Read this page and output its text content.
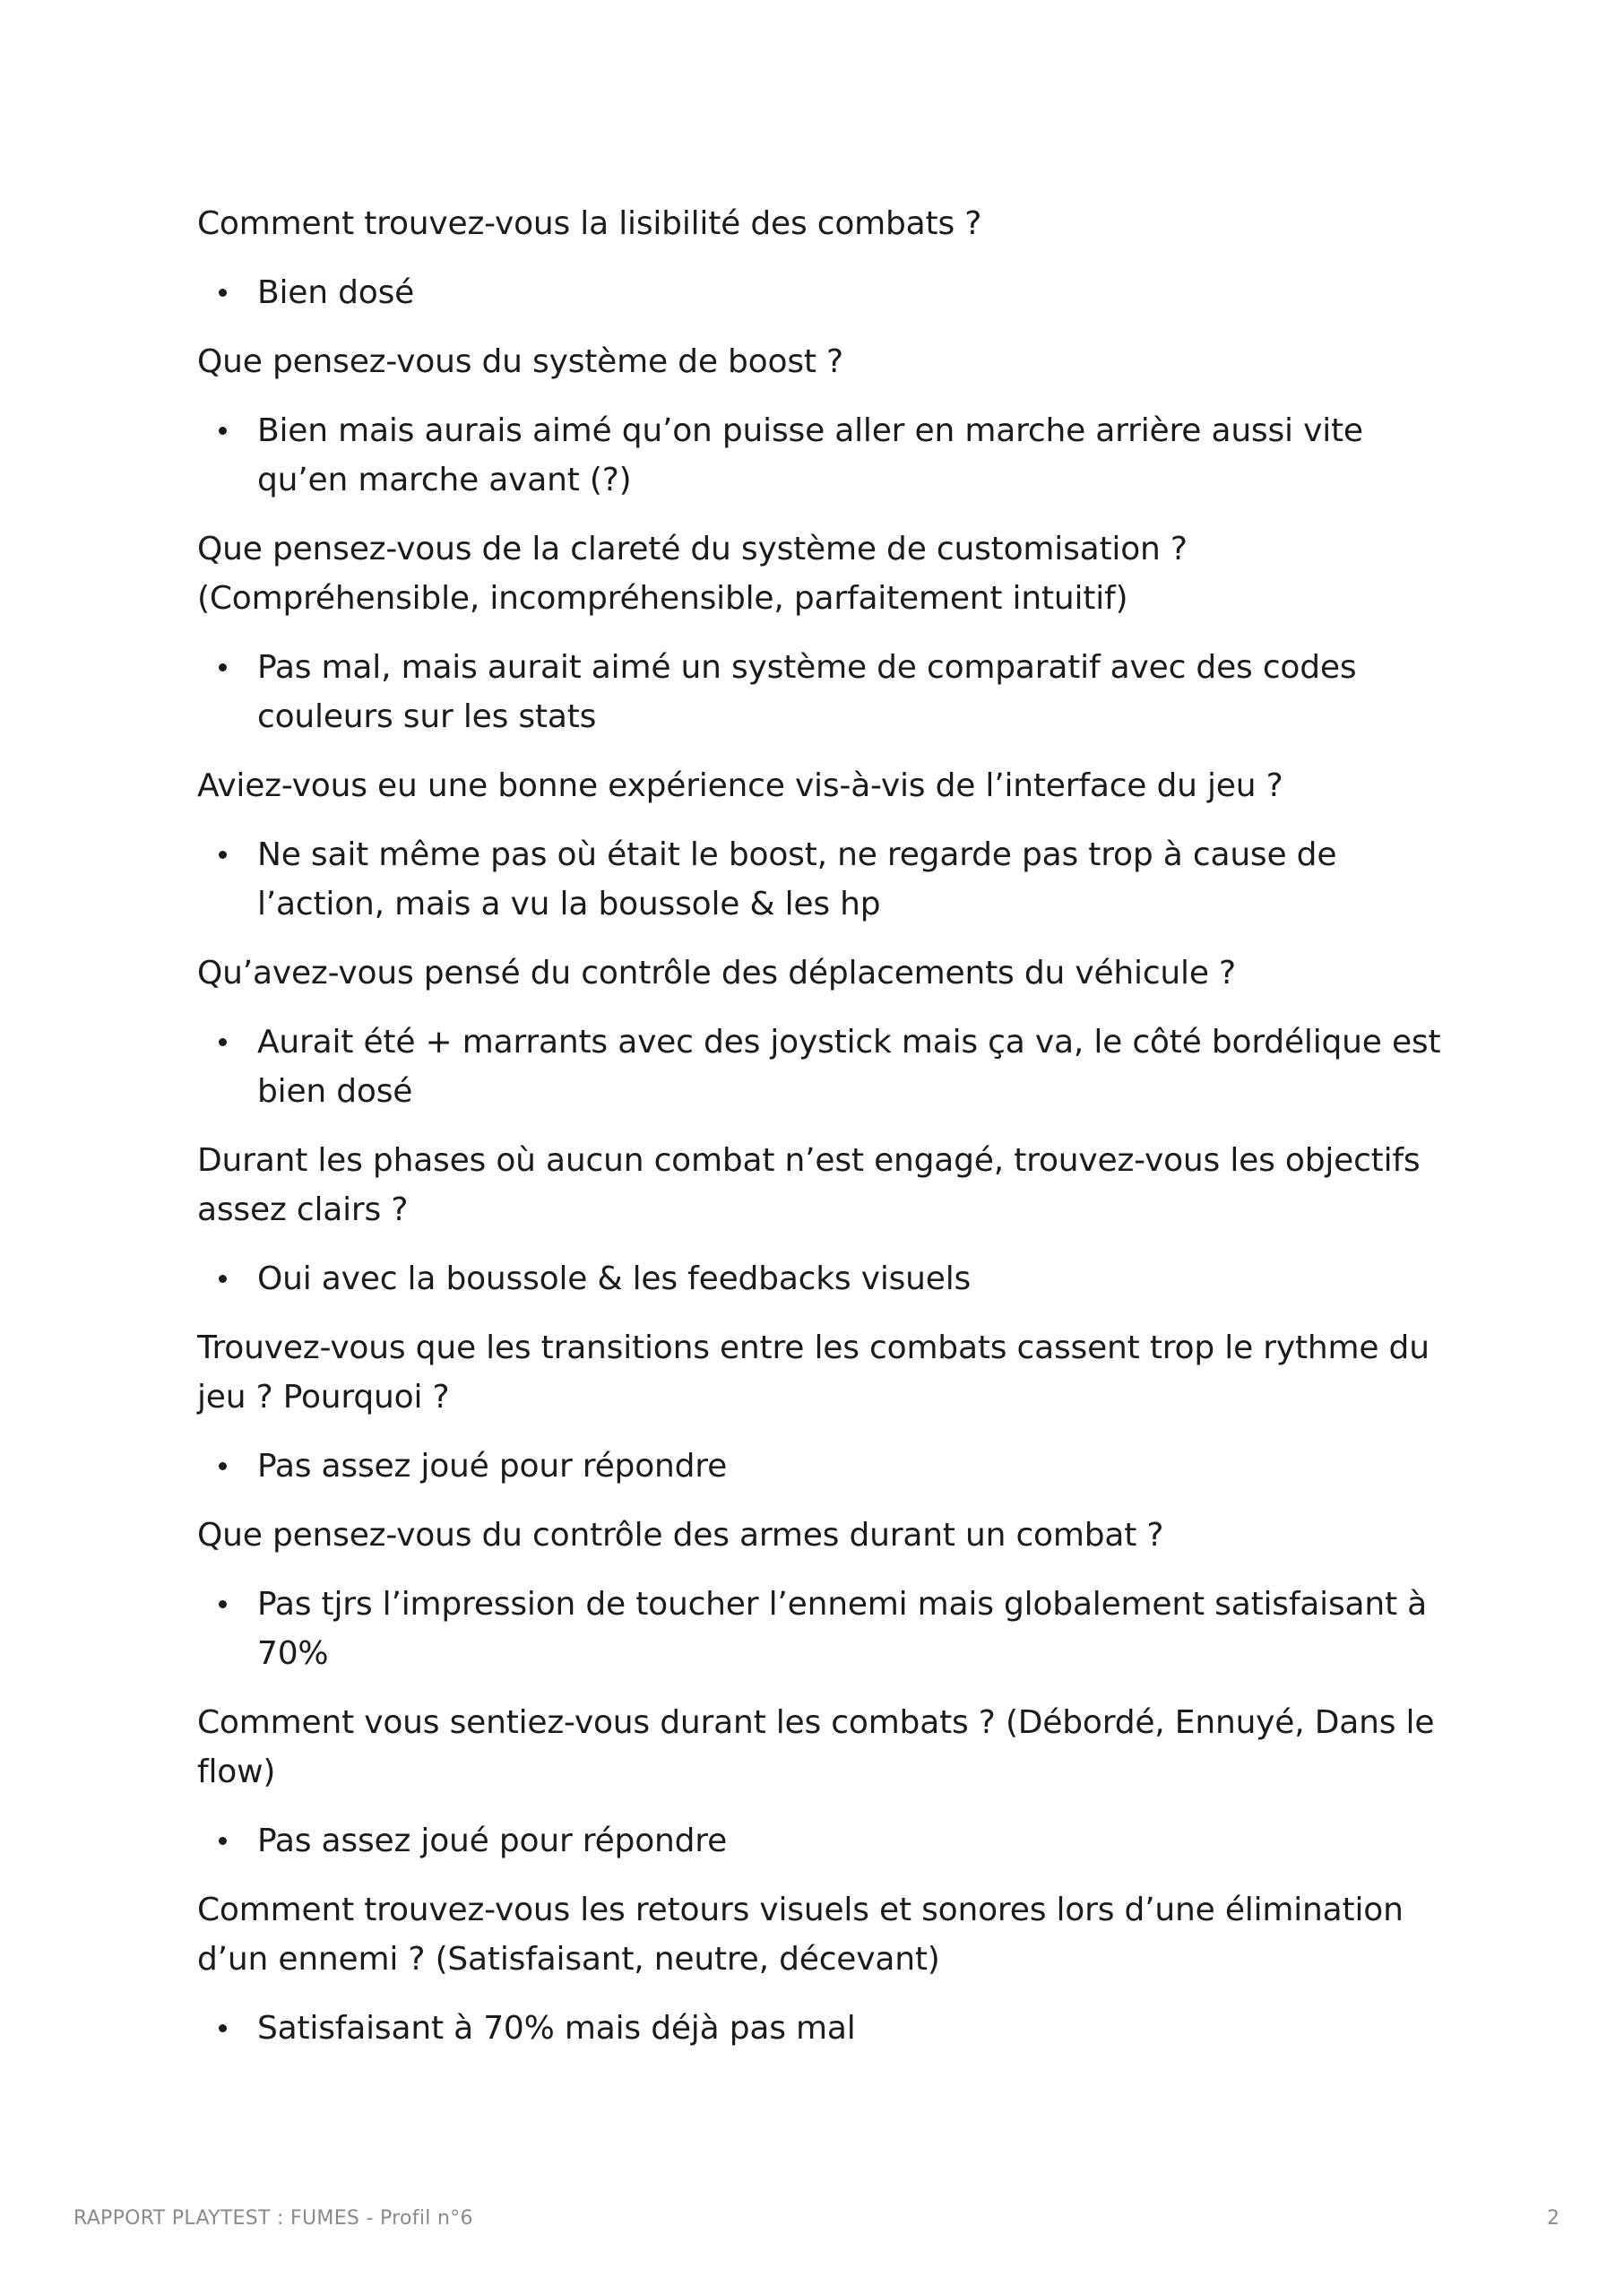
Comment trouvez-vous la lisibilité des combats ?

Bien dosé

Que pensez-vous du système de boost ?

Bien mais aurais aimé qu’on puisse aller en marche arrière aussi vite qu’en marche avant (?)

Que pensez-vous de la clareté du système de customisation ? (Compréhensible, incompréhensible, parfaitement intuitif)

Pas mal, mais aurait aimé un système de comparatif avec des codes couleurs sur les stats

Aviez-vous eu une bonne expérience vis-à-vis de l’interface du jeu ?

Ne sait même pas où était le boost, ne regarde pas trop à cause de l’action, mais a vu la boussole & les hp

Qu’avez-vous pensé du contrôle des déplacements du véhicule ?

Aurait été + marrants avec des joystick mais ça va, le côté bordélique est bien dosé

Durant les phases où aucun combat n’est engagé, trouvez-vous les objectifs assez clairs ?

Oui avec la boussole & les feedbacks visuels

Trouvez-vous que les transitions entre les combats cassent trop le rythme du jeu ? Pourquoi ?

Pas assez joué pour répondre

Que pensez-vous du contrôle des armes durant un combat ?

Pas tjrs l’impression de toucher l’ennemi mais globalement satisfaisant à 70%

Comment vous sentiez-vous durant les combats ? (Débordé, Ennuyé, Dans le flow)

Pas assez joué pour répondre

Comment trouvez-vous les retours visuels et sonores lors d’une élimination d’un ennemi ? (Satisfaisant, neutre, décevant)

Satisfaisant à 70% mais déjà pas mal
RAPPORT PLAYTEST : FUMES - Profil n°6	2
